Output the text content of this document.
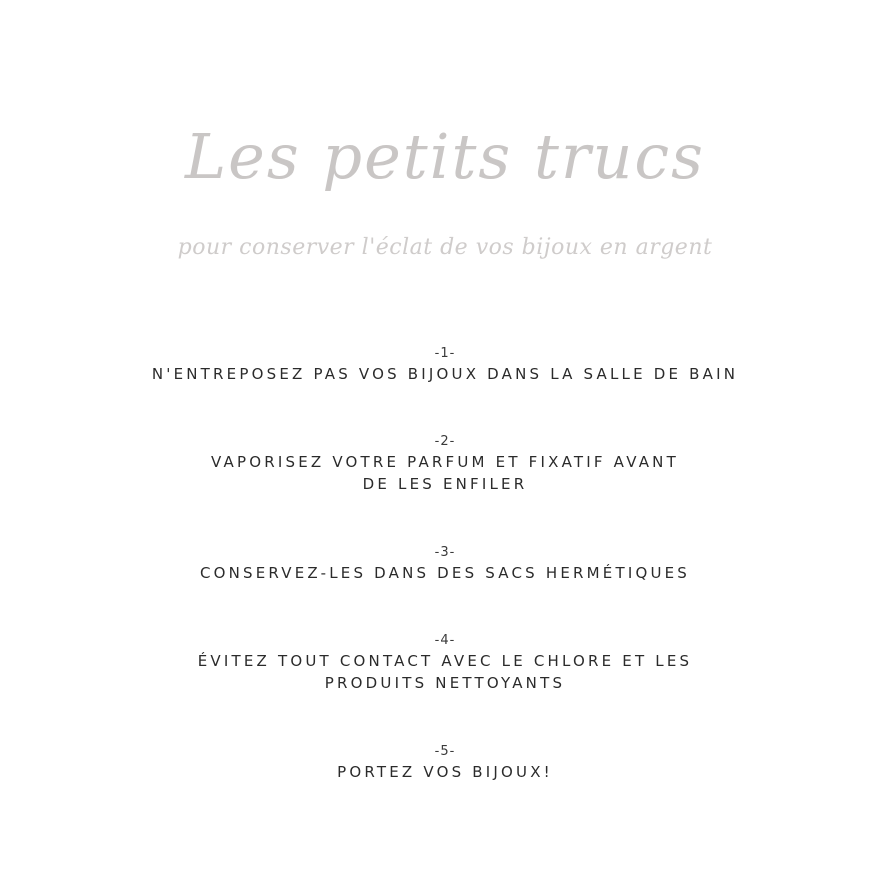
Les petits trucs
pour conserver l'éclat de vos bijoux en argent
-1-
N'ENTREPOSEZ PAS VOS BIJOUX DANS LA SALLE DE BAIN
-2-
VAPORISEZ VOTRE PARFUM ET FIXATIF AVANT
DE LES ENFILER
-3-
CONSERVEZ-LES DANS DES SACS HERMÉTIQUES
-4-
ÉVITEZ TOUT CONTACT AVEC LE CHLORE ET LES
PRODUITS NETTOYANTS
-5-
PORTEZ VOS BIJOUX!
